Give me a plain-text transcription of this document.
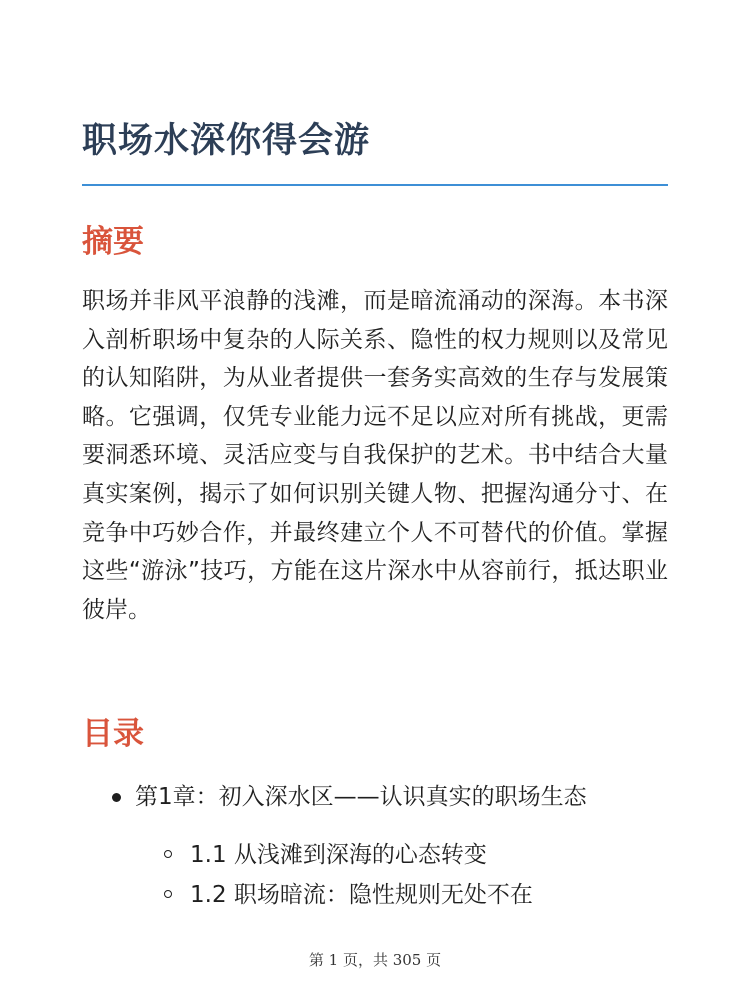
职场水深你得会游
摘要

职场并非风平浪静的浅滩，而是暗流涌动的深海。本书深入剖析职场中复杂的人际关系、隐性的权力规则以及常见的认知陷阱，为从业者提供一套务实高效的生存与发展策略。它强调，仅凭专业能力远不足以应对所有挑战，更需要洞悉环境、灵活应变与自我保护的艺术。书中结合大量真实案例，揭示了如何识别关键人物、把握沟通分寸、在竞争中巧妙合作，并最终建立个人不可替代的价值。掌握这些“游泳”技巧，方能在这片深水中从容前行，抵达职业彼岸。

目录
第1章：初入深水区——认识真实的职场生态
1.1 从浅滩到深海的心态转变
1.2 职场暗流：隐性规则无处不在
第 1 页，共 305 页
